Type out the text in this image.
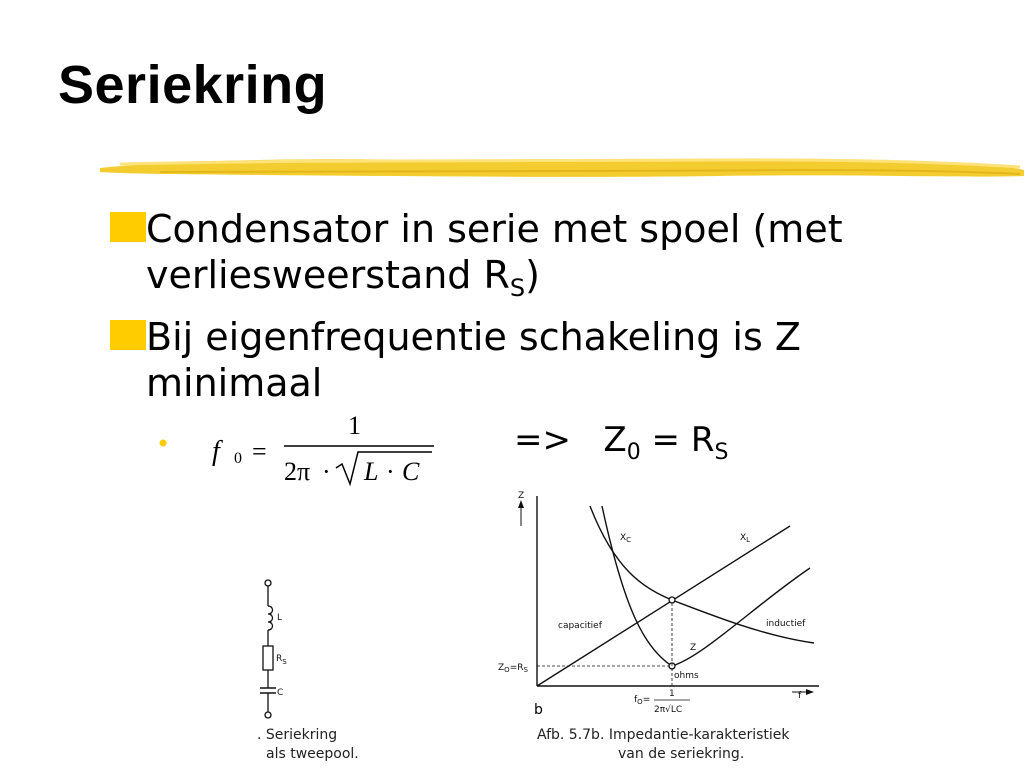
Seriekring
Condensator in serie met spoel (met
verliesweerstand $R_S$)
Bij eigenfrequentie schakeling is Z
minimaal
• f 0 =
1
2π · L · C
=> $Z_0 = R_S$
L
$R_S$
C
. Seriekring
als tweepool.
Z
f
$X_C$	$X_L$
Z
capacitief	inductief
ohms
$Z_O=R_S$
$f_O=$
1
2π√LC
b
Afb. 5.7b. Impedantie-karakteristiek
van de seriekring.
